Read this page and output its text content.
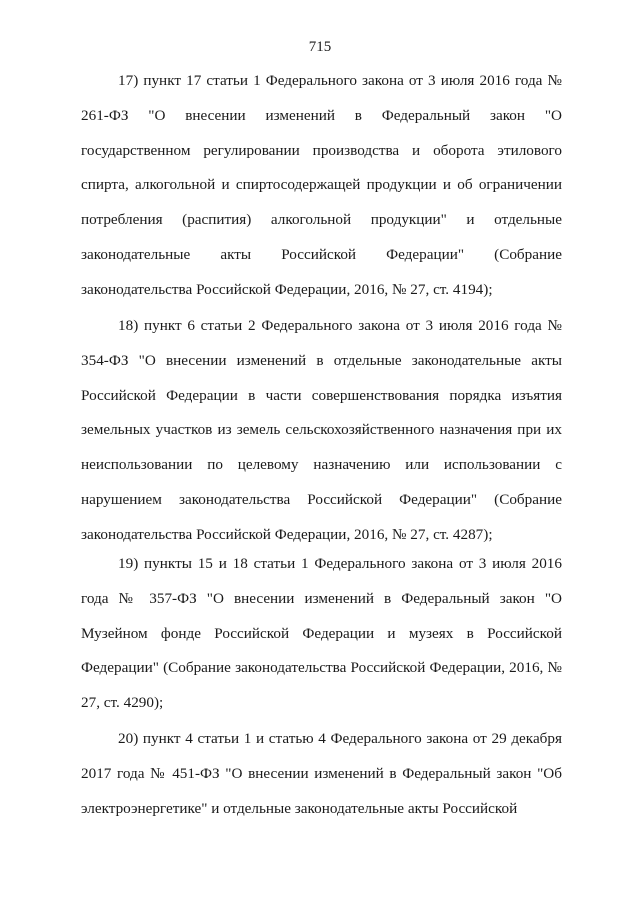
715

17) пункт 17 статьи 1 Федерального закона от 3 июля 2016 года № 261-ФЗ "О внесении изменений в Федеральный закон "О государственном регулировании производства и оборота этилового спирта, алкогольной и спиртосодержащей продукции и об ограничении потребления (распития) алкогольной продукции" и отдельные законодательные акты Российской Федерации" (Собрание законодательства Российской Федерации, 2016, № 27, ст. 4194);

18) пункт 6 статьи 2 Федерального закона от 3 июля 2016 года № 354-ФЗ "О внесении изменений в отдельные законодательные акты Российской Федерации в части совершенствования порядка изъятия земельных участков из земель сельскохозяйственного назначения при их неиспользовании по целевому назначению или использовании с нарушением законодательства Российской Федерации" (Собрание законодательства Российской Федерации, 2016, № 27, ст. 4287);

19) пункты 15 и 18 статьи 1 Федерального закона от 3 июля 2016 года № 357-ФЗ "О внесении изменений в Федеральный закон "О Музейном фонде Российской Федерации и музеях в Российской Федерации" (Собрание законодательства Российской Федерации, 2016, № 27, ст. 4290);

20) пункт 4 статьи 1 и статью 4 Федерального закона от 29 декабря 2017 года № 451-ФЗ "О внесении изменений в Федеральный закон "Об электроэнергетике" и отдельные законодательные акты Российской
